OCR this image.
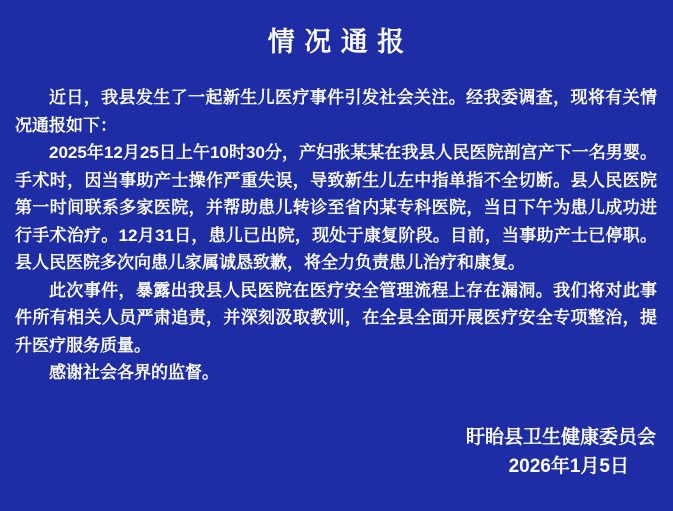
情 况 通 报

近日，我县发生了一起新生儿医疗事件引发社会关注。经我委调查，现将有关情况通报如下：

2025年12月25日上午10时30分，产妇张某某在我县人民医院剖宫产下一名男婴。手术时，因当事助产士操作严重失误，导致新生儿左中指单指不全切断。县人民医院第一时间联系多家医院，并帮助患儿转诊至省内某专科医院，当日下午为患儿成功进行手术治疗。12月31日，患儿已出院，现处于康复阶段。目前，当事助产士已停职。县人民医院多次向患儿家属诚恳致歉，将全力负责患儿治疗和康复。

此次事件，暴露出我县人民医院在医疗安全管理流程上存在漏洞。我们将对此事件所有相关人员严肃追责，并深刻汲取教训，在全县全面开展医疗安全专项整治，提升医疗服务质量。

感谢社会各界的监督。

盱眙县卫生健康委员会
2026年1月5日
